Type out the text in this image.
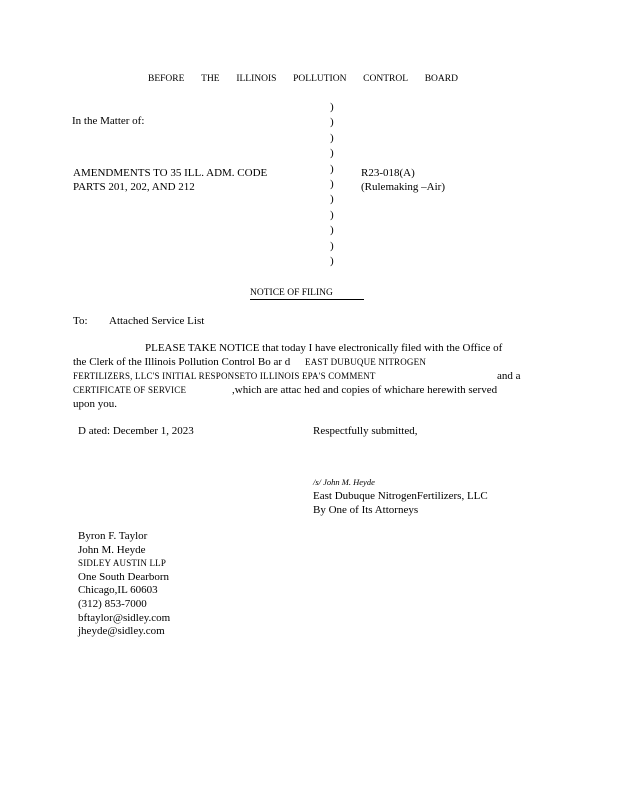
BEFORE THE ILLINOIS POLLUTION CONTROL BOARD
In the Matter of:
AMENDMENTS TO 35 ILL. ADM. CODE
PARTS 201, 202, AND 212
)
)
)
)
)
)
)
)
)
)
)
R23-018(A)
(Rulemaking –Air)
NOTICE OF FILING
To: Attached Service List
PLEASE TAKE NOTICE that today I have electronically filed with the Office of
the Clerk of the Illinois Pollution Control Bo ar d EAST DUBUQUE NITROGEN
FERTILIZERS, LLC'S INITIAL RESPONSETO ILLINOIS EPA'S COMMENT	and a
CERTIFICATE OF SERVICE	,which are attac hed and copies of whichare herewith served
upon you.
D ated: December 1, 2023	Respectfully submitted,
/s/ John M. Heyde
East Dubuque NitrogenFertilizers, LLC
By One of Its Attorneys
Byron F. Taylor
John M. Heyde
SIDLEY AUSTIN LLP
One South Dearborn
Chicago,IL 60603
(312) 853-7000
bftaylor@sidley.com
jheyde@sidley.com
